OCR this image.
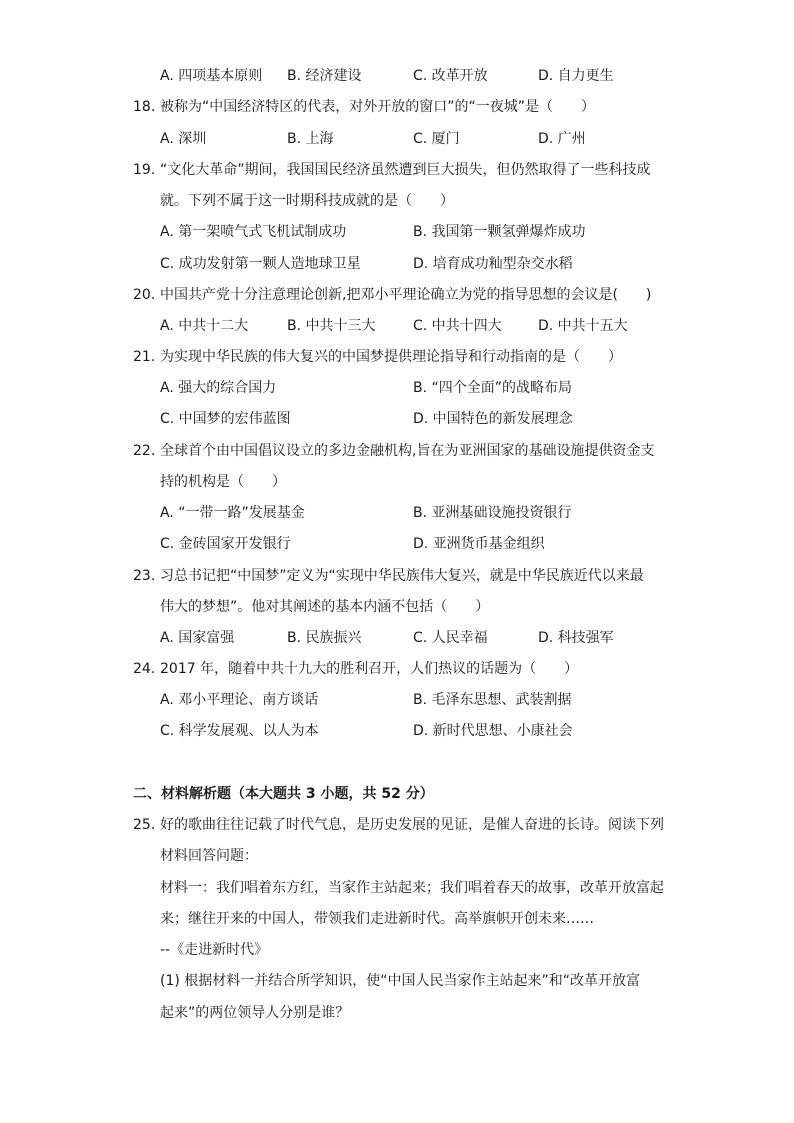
A. 四项基本原则 B. 经济建设	C. 改革开放	D. 自力更生
18. 被称为“中国经济特区的代表，对外开放的窗口”的“一夜城”是（　　）
A. 深圳	B. 上海	C. 厦门	D. 广州
19. “文化大革命”期间，我国国民经济虽然遭到巨大损失，但仍然取得了一些科技成
就。下列不属于这一时期科技成就的是（　　）
A. 第一架喷气式飞机试制成功	B. 我国第一颗氢弹爆炸成功
C. 成功发射第一颗人造地球卫星	D. 培育成功籼型杂交水稻
20. 中国共产党十分注意理论创新,把邓小平理论确立为党的指导思想的会议是(　　)
A. 中共十二大	B. 中共十三大	C. 中共十四大	D. 中共十五大
21. 为实现中华民族的伟大复兴的中国梦提供理论指导和行动指南的是（　　）
A. 强大的综合国力	B. “四个全面”的战略布局
C. 中国梦的宏伟蓝图	D. 中国特色的新发展理念
22. 全球首个由中国倡议设立的多边金融机构,旨在为亚洲国家的基础设施提供资金支
持的机构是（　　）
A. “一带一路”发展基金	B. 亚洲基础设施投资银行
C. 金砖国家开发银行	D. 亚洲货币基金组织
23. 习总书记把“中国梦”定义为“实现中华民族伟大复兴，就是中华民族近代以来最
伟大的梦想”。他对其阐述的基本内涵不包括（　　）
A. 国家富强	B. 民族振兴	C. 人民幸福	D. 科技强军
24. 2017 年，随着中共十九大的胜利召开，人们热议的话题为（　　）
A. 邓小平理论、南方谈话	B. 毛泽东思想、武装割据
C. 科学发展观、以人为本	D. 新时代思想、小康社会
二、材料解析题（本大题共 3 小题，共 52 分）
25. 好的歌曲往往记载了时代气息，是历史发展的见证，是催人奋进的长诗。阅读下列
材料回答问题：
材料一：我们唱着东方红，当家作主站起来；我们唱着春天的故事，改革开放富起
来；继往开来的中国人，带领我们走进新时代。高举旗帜开创未来……
--《走进新时代》
(1) 根据材料一并结合所学知识，使“中国人民当家作主站起来”和“改革开放富
起来”的两位领导人分别是谁？
